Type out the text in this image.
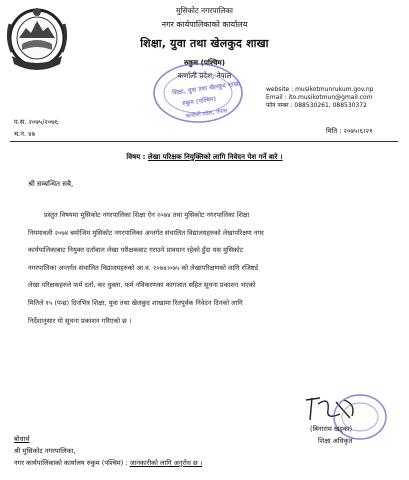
मुसिकोट नगरपालिका
नगर कार्यपालिकाको कार्यालय
शिक्षा, युवा तथा खेलकुद शाखा
रुकुम (पश्चिम)
कर्णाली प्रदेश, नेपाल
website : musikotmunrukum.gov.np
Email : ito.musikotmun@gmail.com
फोन नम्बर : 088530261, 088530372
प.स. २०७५/२०७६
च.न. ४७	मिति : २०७५।६।२१
शिक्षा, युवा तथा खेलकुद शाखा
रुकुम (पश्चिम)
कर्णाली प्रदेश, नेपाल
विषय : लेखा परिक्षक नियुक्तिको लागि निवेदन पेश गर्ने बारे ।
श्री सम्बन्धित सबै,
प्रस्तुत विषयमा मुसिकोट नगरपालिका शिक्षा ऐन २०७४ तथा मुसिकोट नगरपालिका शिक्षा
नियमावली २०७४ बमोजिम मुसिकोट नगरपालिका अन्तर्गत संचालित विद्यालयहरुको लेखापरिक्षण नगर
कार्यपालिकाबाट नियुक्त दर्ताबाल लेखा परीक्षकबाट गराउने प्रावधान रहेको हुँदा यस मुसिकोट
नगरपालिका अन्तर्गत संचालित विद्यालयहरुको आ.व. २०७४।०७५ को लेखापरिक्षणको लागि रजिष्टर्ड
लेखा परिक्षकहरुले फर्म दर्ता, कर चुक्ता, फर्म नविकरणका कागजात सहित सूचना प्रकाशन भएको
मितिले १५ (पन्ध्र) दिनभित्र शिक्षा, युवा तथा खेलकुद शाखामा रितपूर्वक निवेदन दिनको लागि
निर्देशानुसार यो सूचना प्रकाशन गरिएको छ ।
(बिनाराम खड्का)
शिक्षा अधिकृत
बोधार्थ
श्री मुसिकोट नगरपालिका,
नगर कार्यपालिकाको कार्यालय रुकुम (पश्चिम) : जानकारीको लागि अनुरोध छ ।
